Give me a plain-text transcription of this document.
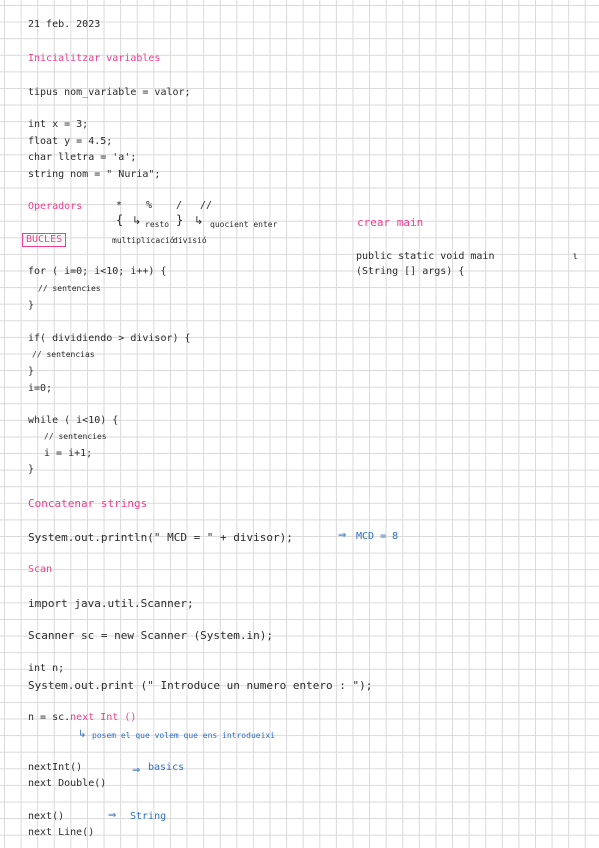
21 feb. 2023
Inicialitzar variables
tipus nom_variable = valor;
int x = 3;
float y = 4.5;
char lletra = 'a';
string nom = " Nuria";
Operadors	* % / //
{	}
↳	↳
resto	quocient enter
multiplicació
divisió
crear main
public static void main
(String [] args) {
ι
BUCLES
for ( i=0; i<10; i++) {
// sentencies
}
if( dividiendo > divisor) {
// sentencias
}
i=0;
while ( i<10) {
// sentencies
i = i+1;
}
Concatenar strings
System.out.println(" MCD = " + divisor);	⇒ MCD = 8
Scan
import java.util.Scanner;
Scanner sc = new Scanner (System.in);
int n;
System.out.print (" Introduce un numero entero : ");
n = sc.next Int ()
↳ posem el que volem que ens introdueixi
nextInt()	⇒ basics
next Double()
next()	⇒ String
next Line()
